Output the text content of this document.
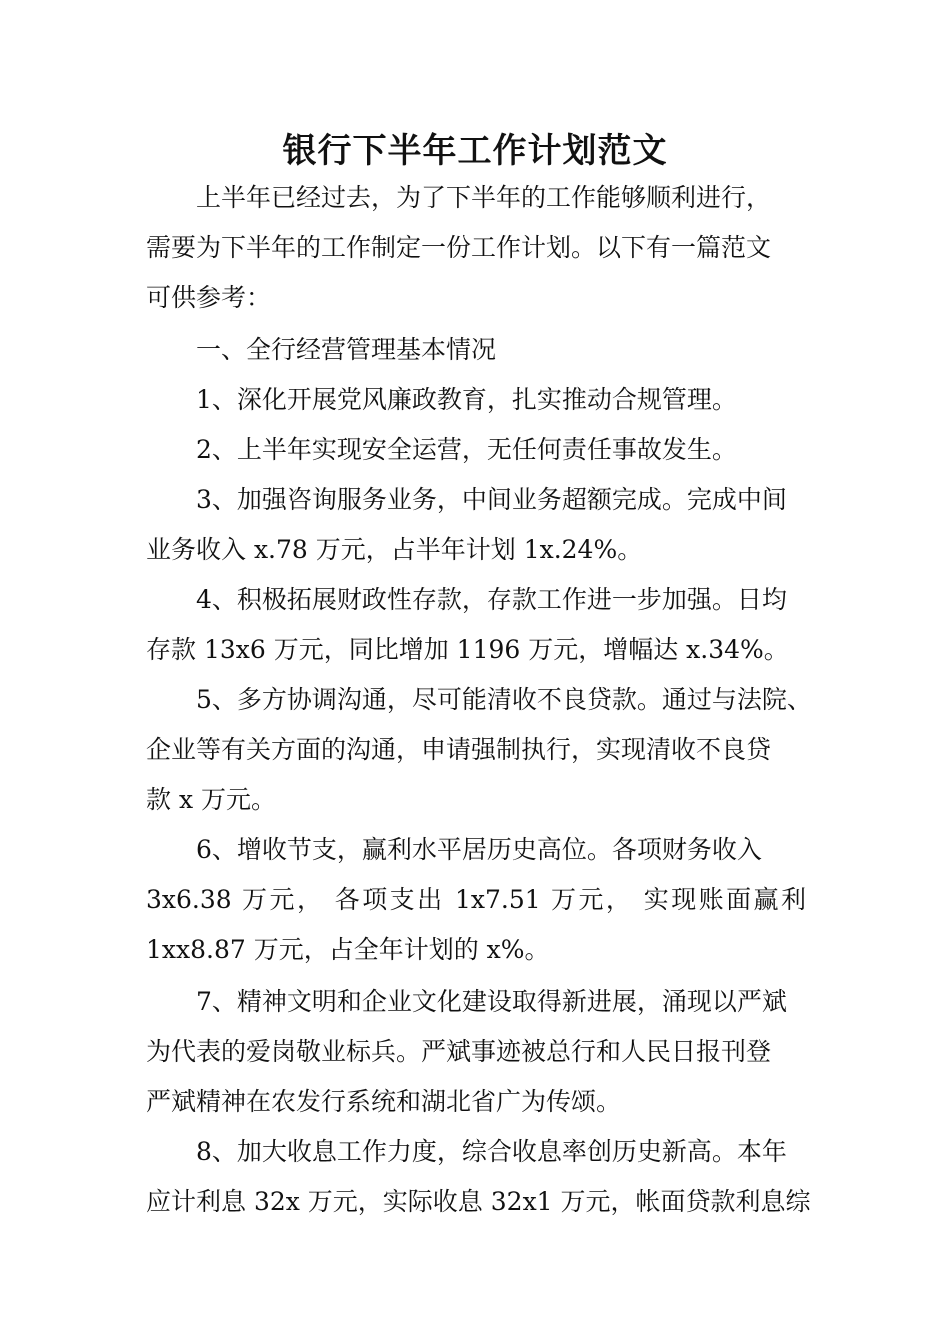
银行下半年工作计划范文
上半年已经过去，为了下半年的工作能够顺利进行，
需要为下半年的工作制定一份工作计划。以下有一篇范文
可供参考：
一、全行经营管理基本情况
1、深化开展党风廉政教育，扎实推动合规管理。
2、上半年实现安全运营，无任何责任事故发生。
3、加强咨询服务业务，中间业务超额完成。完成中间
业务收入 x.78 万元，占半年计划 1x.24%。
4、积极拓展财政性存款，存款工作进一步加强。日均
存款 13x6 万元，同比增加 1196 万元，增幅达 x.34%。
5、多方协调沟通，尽可能清收不良贷款。通过与法院、
企业等有关方面的沟通，申请强制执行，实现清收不良贷
款 x 万元。
6、增收节支，赢利水平居历史高位。各项财务收入
3x6.38 万元， 各项支出 1x7.51 万元， 实现账面赢利
1xx8.87 万元，占全年计划的 x%。
7、精神文明和企业文化建设取得新进展，涌现以严斌
为代表的爱岗敬业标兵。严斌事迹被总行和人民日报刊登
严斌精神在农发行系统和湖北省广为传颂。
8、加大收息工作力度，综合收息率创历史新高。本年
应计利息 32x 万元，实际收息 32x1 万元，帐面贷款利息综
